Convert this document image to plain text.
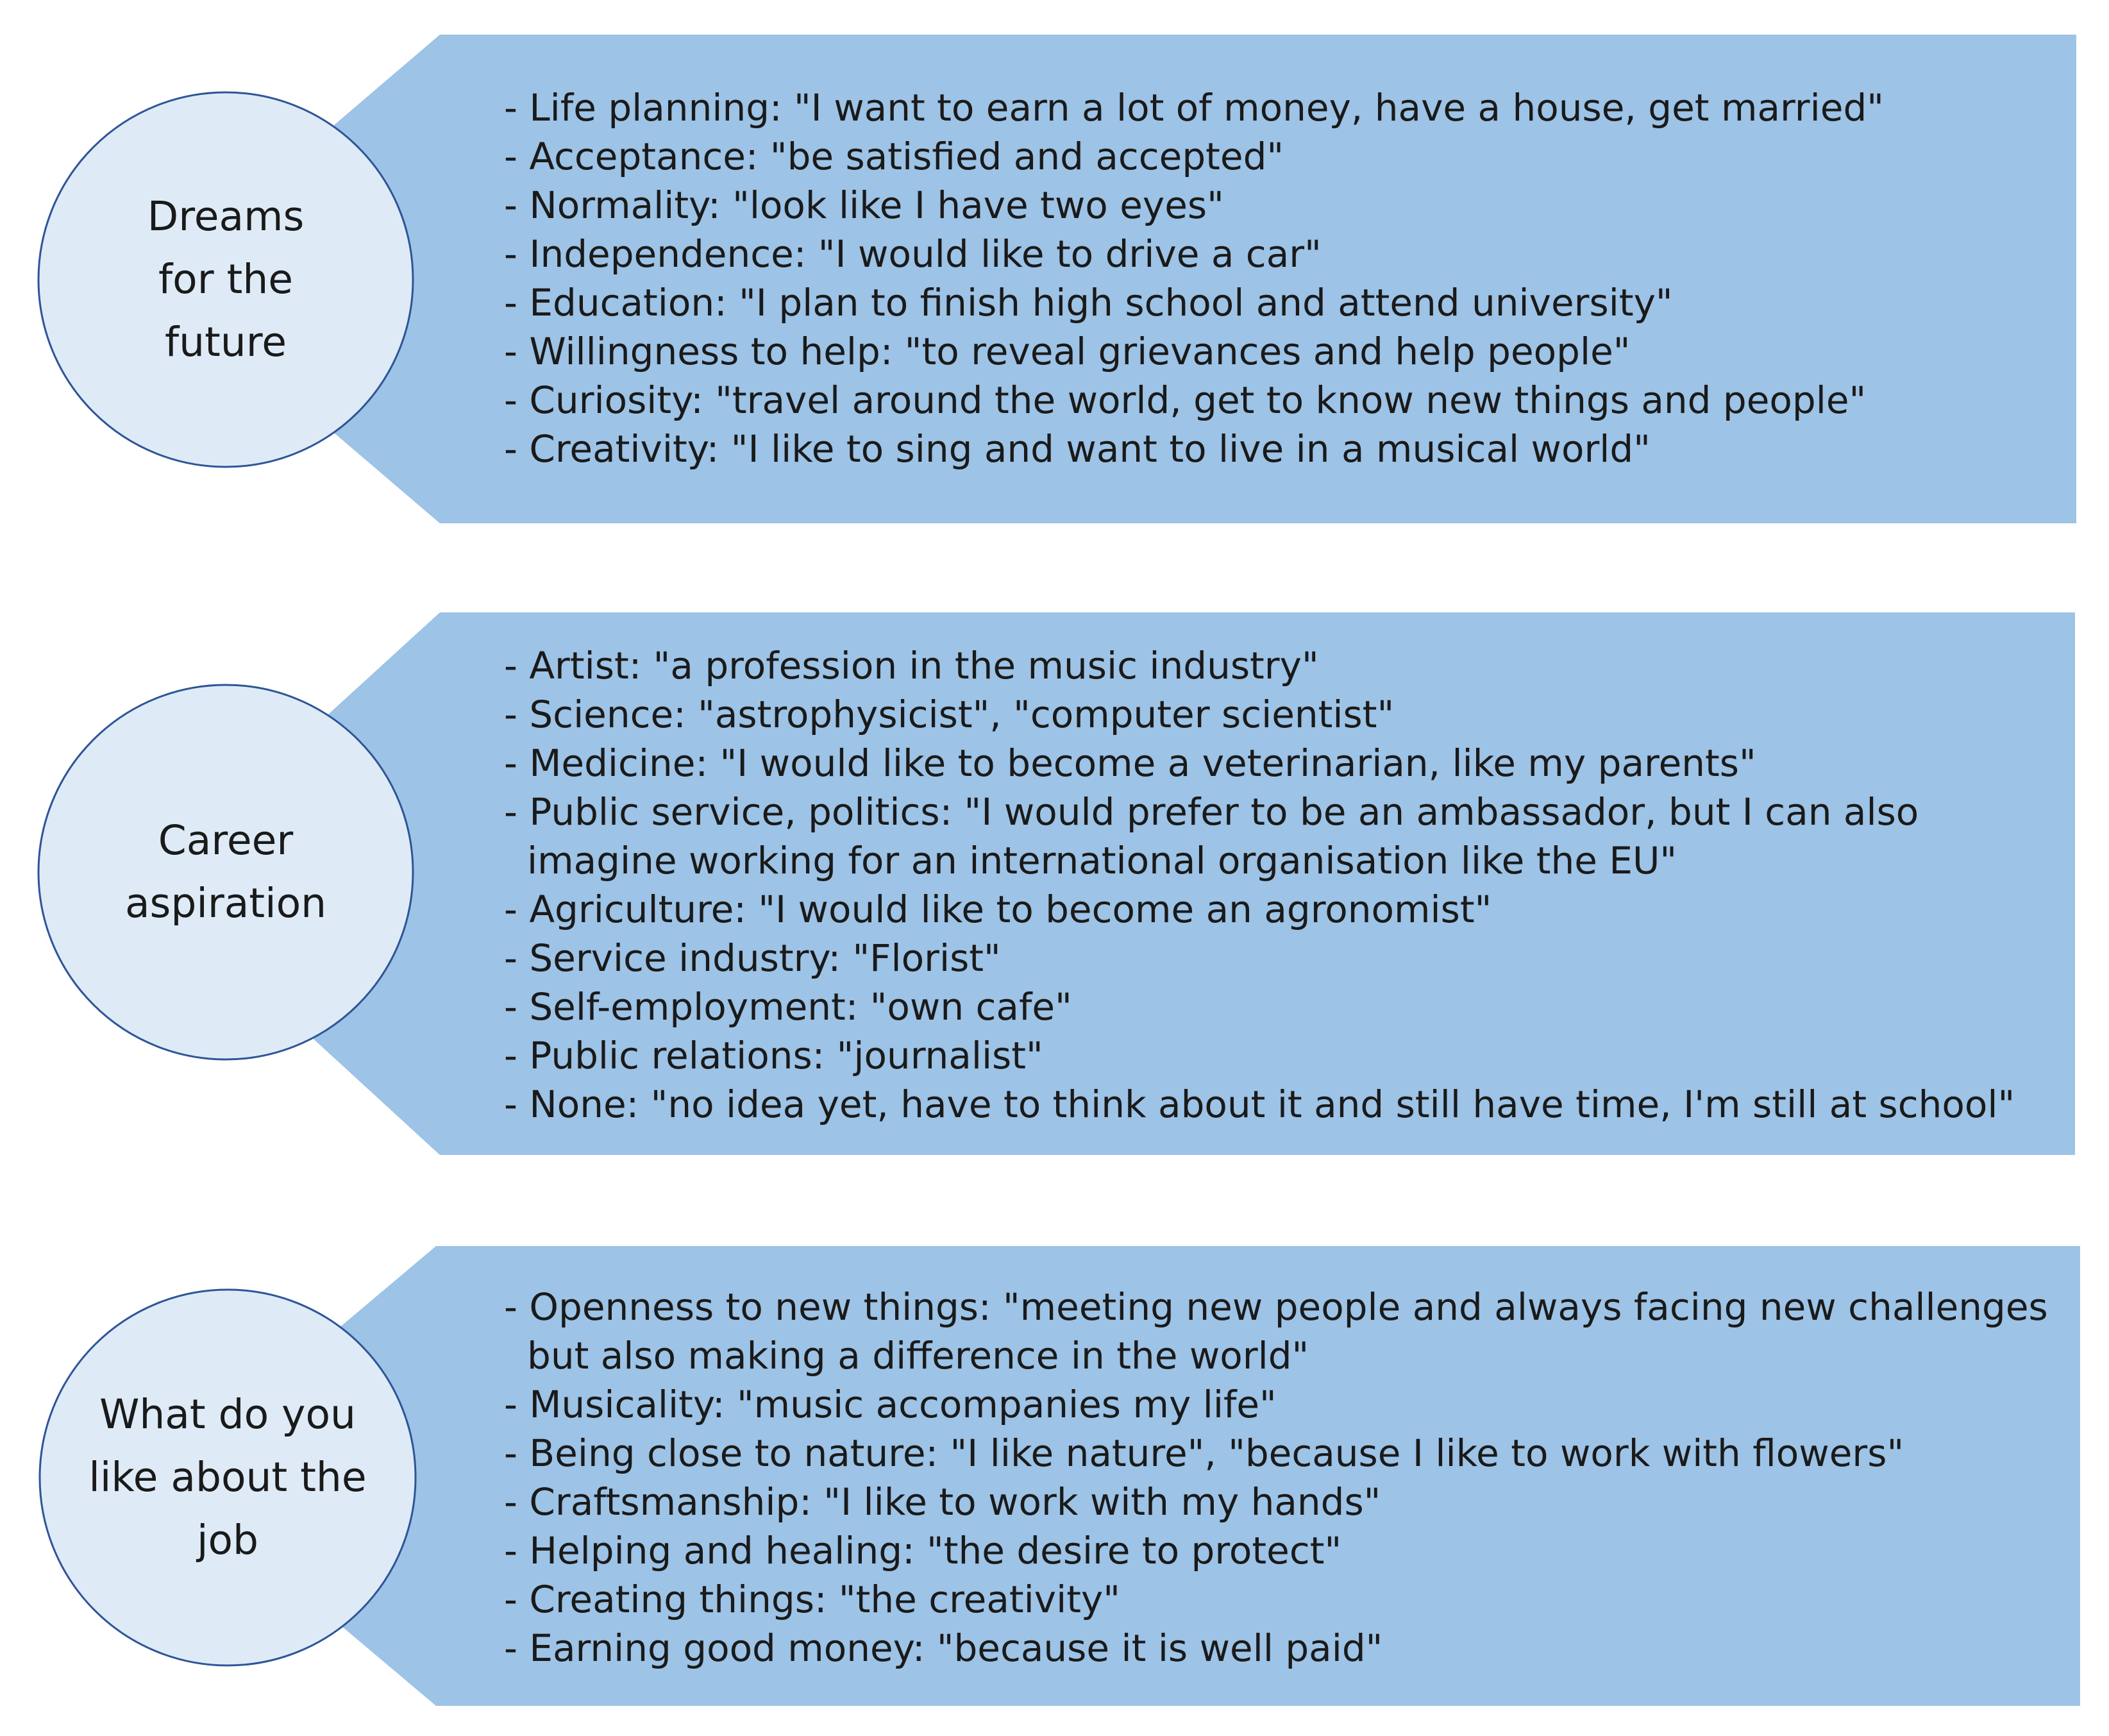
Dreams
for the
future
Career
aspiration
What do you
like about the
job
- Life planning: "I want to earn a lot of money, have a house, get married"
- Acceptance: "be satisfied and accepted"
- Normality: "look like I have two eyes"
- Independence: "I would like to drive a car"
- Education: "I plan to finish high school and attend university"
- Willingness to help: "to reveal grievances and help people"
- Curiosity: "travel around the world, get to know new things and people"
- Creativity: "I like to sing and want to live in a musical world"
- Artist: "a profession in the music industry"
- Science: "astrophysicist", "computer scientist"
- Medicine: "I would like to become a veterinarian, like my parents"
- Public service, politics: "I would prefer to be an ambassador, but I can also imagine working for an international organisation like the EU"
- Agriculture: "I would like to become an agronomist"
- Service industry: "Florist"
- Self-employment: "own cafe"
- Public relations: "journalist"
- None: "no idea yet, have to think about it and still have time, I'm still at school"
- Openness to new things: "meeting new people and always facing new challenges but also making a difference in the world"
- Musicality: "music accompanies my life"
- Being close to nature: "I like nature", "because I like to work with flowers"
- Craftsmanship: "I like to work with my hands"
- Helping and healing: "the desire to protect"
- Creating things: "the creativity"
- Earning good money: "because it is well paid"
